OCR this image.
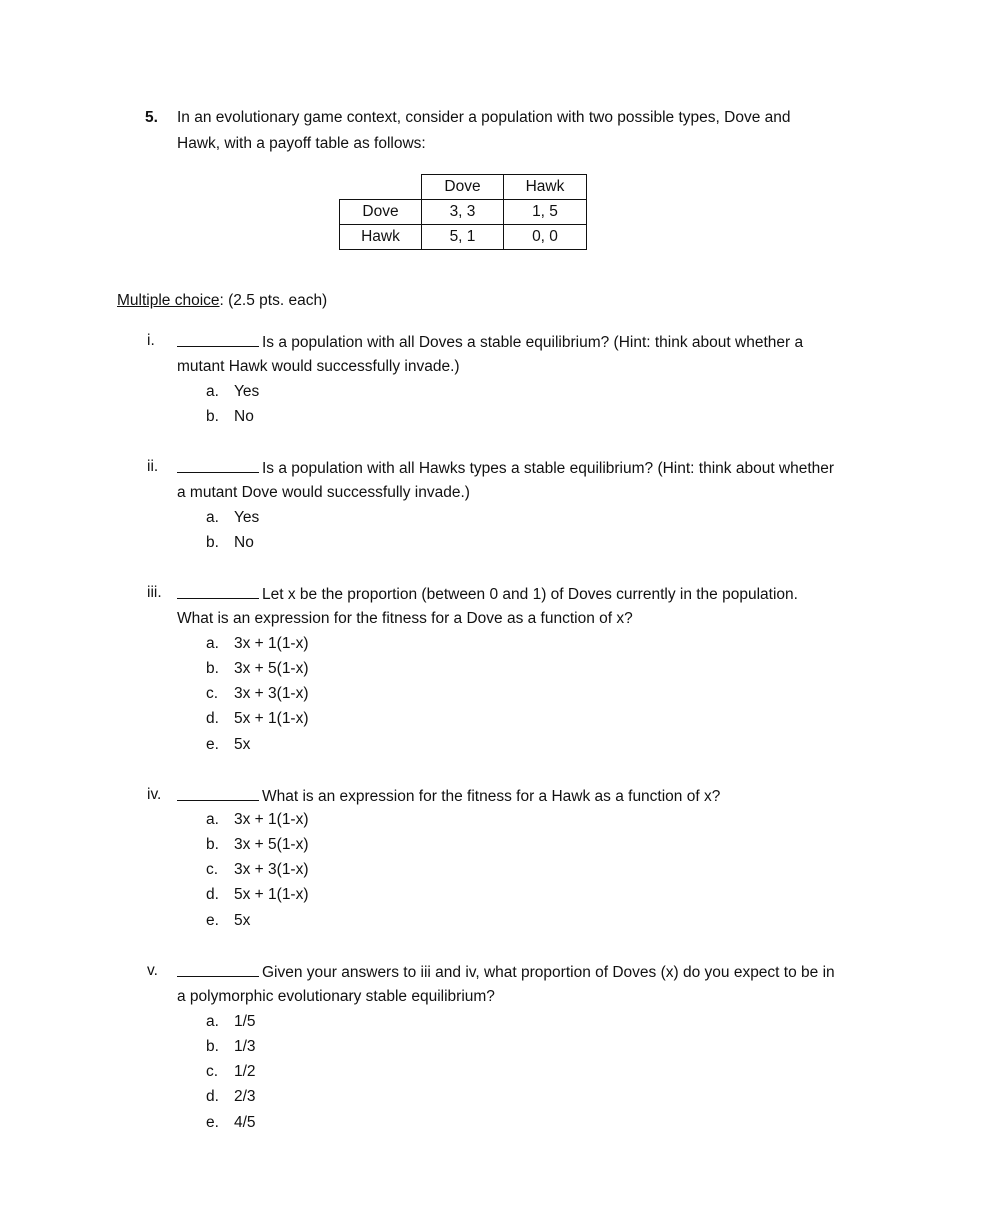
5. In an evolutionary game context, consider a population with two possible types, Dove and
Hawk, with a payoff table as follows:
	Dove	Hawk
Dove	3, 3	1, 5
Hawk	5, 1	0, 0
Multiple choice: (2.5 pts. each)
i.	Is a population with all Doves a stable equilibrium? (Hint: think about whether a
mutant Hawk would successfully invade.)
a. Yes
b. No
ii.	Is a population with all Hawks types a stable equilibrium? (Hint: think about whether
a mutant Dove would successfully invade.)
a. Yes
b. No
iii.	Let x be the proportion (between 0 and 1) of Doves currently in the population.
What is an expression for the fitness for a Dove as a function of x?
a. 3x + 1(1-x)
b. 3x + 5(1-x)
c. 3x + 3(1-x)
d. 5x + 1(1-x)
e. 5x
iv.	What is an expression for the fitness for a Hawk as a function of x?
a. 3x + 1(1-x)
b. 3x + 5(1-x)
c. 3x + 3(1-x)
d. 5x + 1(1-x)
e. 5x
v.	Given your answers to iii and iv, what proportion of Doves (x) do you expect to be in
a polymorphic evolutionary stable equilibrium?
a. 1/5
b. 1/3
c. 1/2
d. 2/3
e. 4/5
